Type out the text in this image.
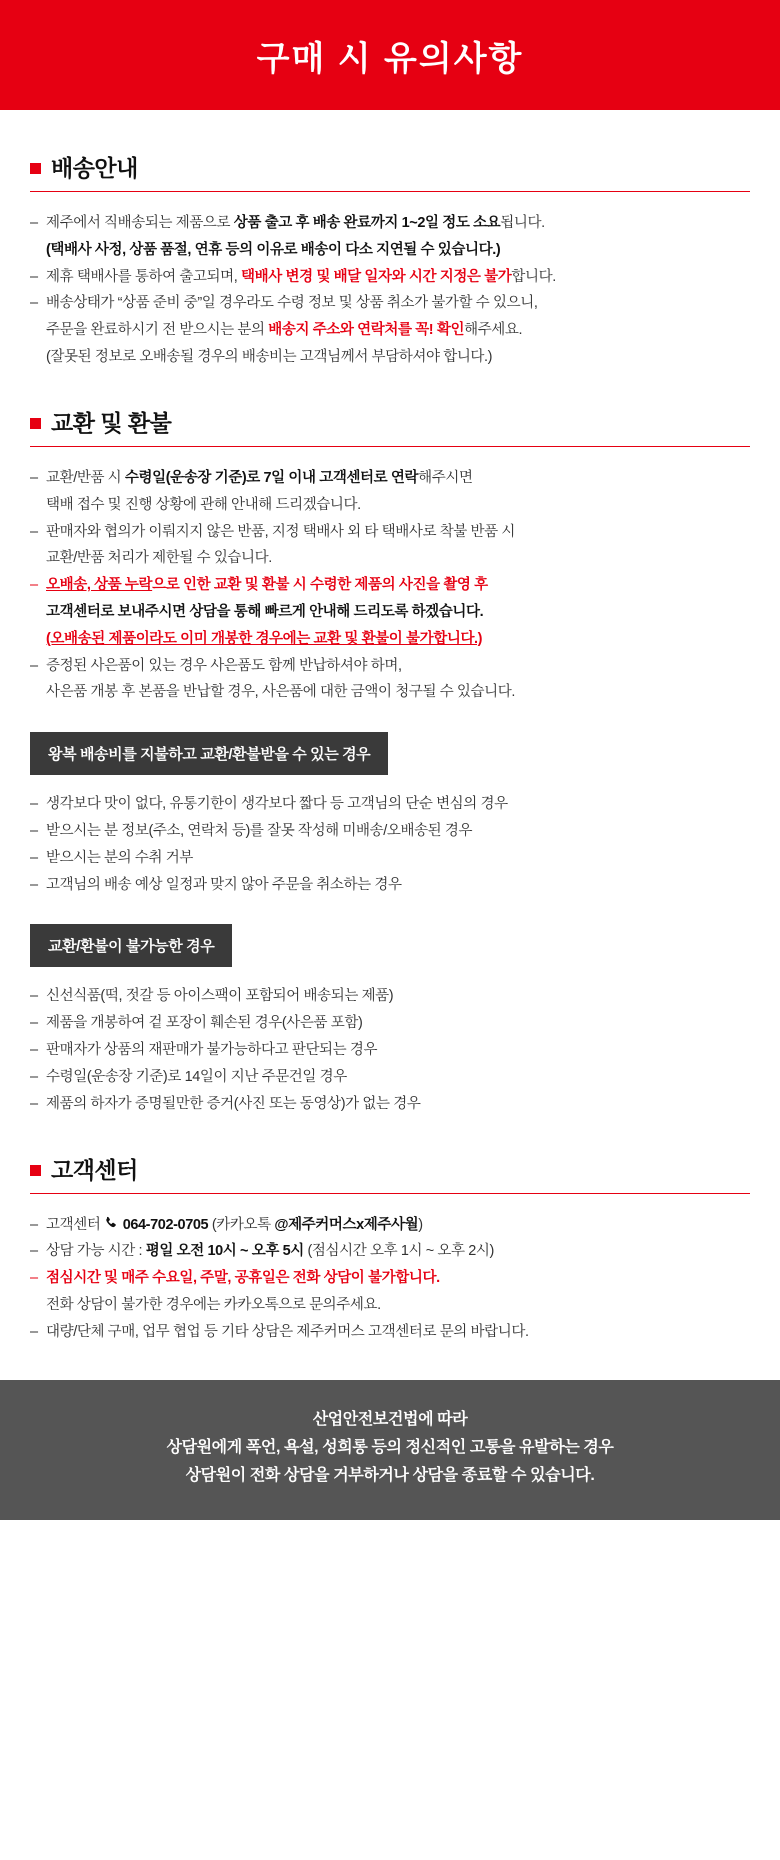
구매 시 유의사항
배송안내
– 제주에서 직배송되는 제품으로 상품 출고 후 배송 완료까지 1~2일 정도 소요됩니다.
(택배사 사정, 상품 품절, 연휴 등의 이유로 배송이 다소 지연될 수 있습니다.)
– 제휴 택배사를 통하여 출고되며, 택배사 변경 및 배달 일자와 시간 지정은 불가합니다.
– 배송상태가 “상품 준비 중”일 경우라도 수령 정보 및 상품 취소가 불가할 수 있으니,
주문을 완료하시기 전 받으시는 분의 배송지 주소와 연락처를 꼭! 확인해주세요.
(잘못된 정보로 오배송될 경우의 배송비는 고객님께서 부담하셔야 합니다.)
교환 및 환불
– 교환/반품 시 수령일(운송장 기준)로 7일 이내 고객센터로 연락해주시면
택배 접수 및 진행 상황에 관해 안내해 드리겠습니다.
– 판매자와 협의가 이뤄지지 않은 반품, 지정 택배사 외 타 택배사로 착불 반품 시
교환/반품 처리가 제한될 수 있습니다.
– 오배송, 상품 누락으로 인한 교환 및 환불 시 수령한 제품의 사진을 촬영 후
고객센터로 보내주시면 상담을 통해 빠르게 안내해 드리도록 하겠습니다.
(오배송된 제품이라도 이미 개봉한 경우에는 교환 및 환불이 불가합니다.)
– 증정된 사은품이 있는 경우 사은품도 함께 반납하셔야 하며,
사은품 개봉 후 본품을 반납할 경우, 사은품에 대한 금액이 청구될 수 있습니다.
왕복 배송비를 지불하고 교환/환불받을 수 있는 경우
– 생각보다 맛이 없다, 유통기한이 생각보다 짧다 등 고객님의 단순 변심의 경우
– 받으시는 분 정보(주소, 연락처 등)를 잘못 작성해 미배송/오배송된 경우
– 받으시는 분의 수취 거부
– 고객님의 배송 예상 일정과 맞지 않아 주문을 취소하는 경우
교환/환불이 불가능한 경우
– 신선식품(떡, 젓갈 등 아이스팩이 포함되어 배송되는 제품)
– 제품을 개봉하여 겉 포장이 훼손된 경우(사은품 포함)
– 판매자가 상품의 재판매가 불가능하다고 판단되는 경우
– 수령일(운송장 기준)로 14일이 지난 주문건일 경우
– 제품의 하자가 증명될만한 증거(사진 또는 동영상)가 없는 경우
고객센터
– 고객센터  064-702-0705 (카카오톡 @제주커머스x제주사월)
– 상담 가능 시간 : 평일 오전 10시 ~ 오후 5시 (점심시간 오후 1시 ~ 오후 2시)
– 점심시간 및 매주 수요일, 주말, 공휴일은 전화 상담이 불가합니다.
전화 상담이 불가한 경우에는 카카오톡으로 문의주세요.
– 대량/단체 구매, 업무 협업 등 기타 상담은 제주커머스 고객센터로 문의 바랍니다.
산업안전보건법에 따라
상담원에게 폭언, 욕설, 성희롱 등의 정신적인 고통을 유발하는 경우
상담원이 전화 상담을 거부하거나 상담을 종료할 수 있습니다.
